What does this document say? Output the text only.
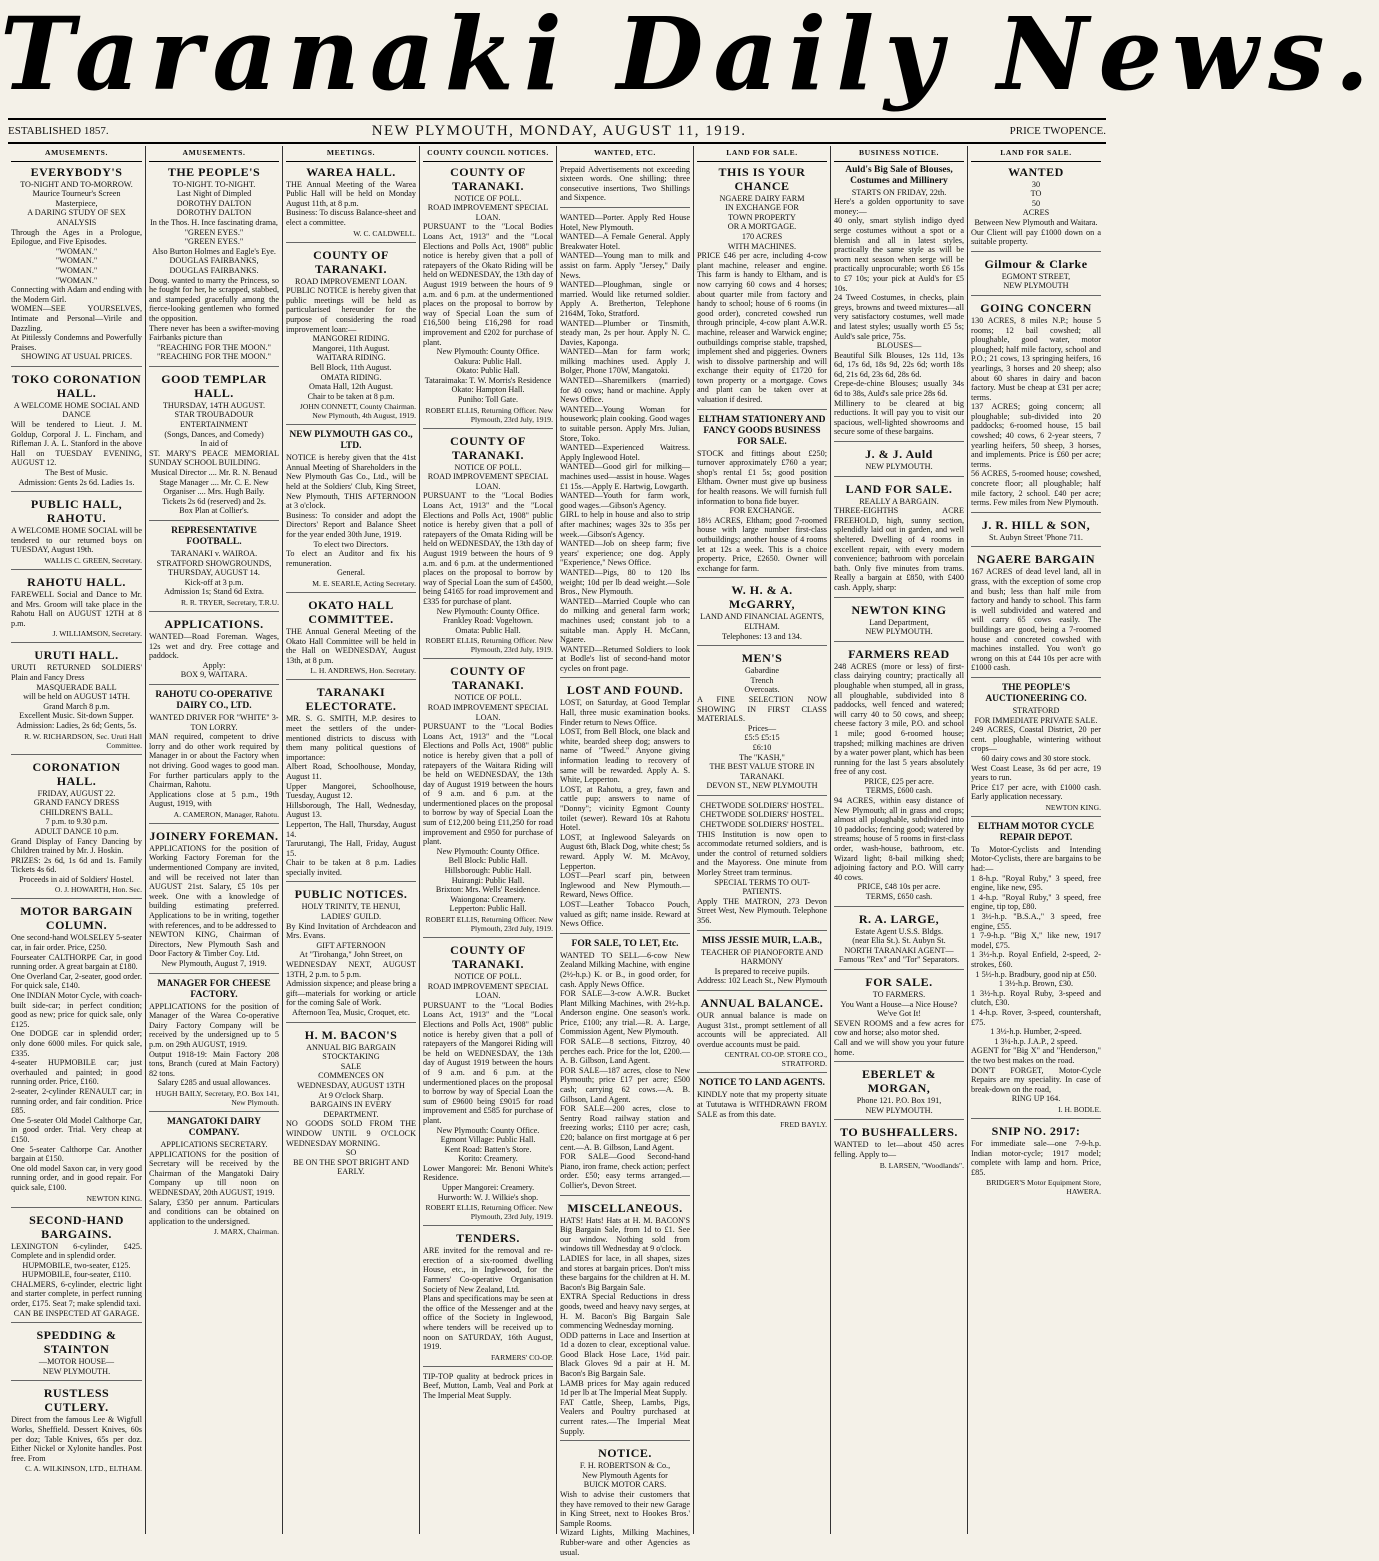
Taranaki Daily News.
ESTABLISHED 1857.	NEW PLYMOUTH, MONDAY, AUGUST 11, 1919.	PRICE TWOPENCE.
AMUSEMENTS.
EVERYBODY'S

TO-NIGHT AND TO-MORROW.

Maurice Tourneur's Screen Masterpiece,

A DARING STUDY OF SEX ANALYSIS

Through the Ages in a Prologue, Epilogue, and Five Episodes.

"WOMAN."

"WOMAN."

"WOMAN."

"WOMAN."

Connecting with Adam and ending with the Modern Girl.

WOMEN—SEE YOURSELVES, Intimate and Personal—Virile and Dazzling.

At Pitilessly Condemns and Powerfully Praises.

SHOWING AT USUAL PRICES.

TOKO CORONATION HALL.

A WELCOME HOME SOCIAL AND DANCE

Will be tendered to Lieut. J. M. Goldup, Corporal J. L. Fincham, and Rifleman J. A. L. Stanford in the above Hall on TUESDAY EVENING, AUGUST 12.

The Best of Music.

Admission: Gents 2s 6d. Ladies 1s.

PUBLIC HALL, RAHOTU.

A WELCOME HOME SOCIAL will be tendered to our returned boys on TUESDAY, August 19th.

WALLIS C. GREEN, Secretary.
RAHOTU HALL.

FAREWELL Social and Dance to Mr. and Mrs. Groom will take place in the Rahotu Hall on AUGUST 12TH at 8 p.m.

J. WILLIAMSON, Secretary.
URUTI HALL.

URUTI RETURNED SOLDIERS' Plain and Fancy Dress

MASQUERADE BALL

will be held on AUGUST 14TH.

Grand March 8 p.m.

Excellent Music. Sit-down Supper.

Admission: Ladies, 2s 6d; Gents, 5s.

R. W. RICHARDSON, Sec. Uruti Hall Committee.
CORONATION HALL.

FRIDAY, AUGUST 22.

GRAND FANCY DRESS CHILDREN'S BALL.

7 p.m. to 9.30 p.m.

ADULT DANCE 10 p.m.

Grand Display of Fancy Dancing by Children trained by Mr. J. Hoskin.

PRIZES: 2s 6d, 1s 6d and 1s. Family Tickets 4s 6d.

Proceeds in aid of Soldiers' Hostel.

O. J. HOWARTH, Hon. Sec.
MOTOR BARGAIN COLUMN.

One second-hand WOLSELEY 5-seater car, in fair order. Price, £250.

Fourseater CALTHORPE Car, in good running order. A great bargain at £180.

One Overland Car, 2-seater, good order. For quick sale, £140.

One INDIAN Motor Cycle, with coach-built side-car; in perfect condition; good as new; price for quick sale, only £125.

One DODGE car in splendid order; only done 6000 miles. For quick sale, £335.

4-seater HUPMOBILE car; just overhauled and painted; in good running order. Price, £160.

2-seater, 2-cylinder RENAULT car; in running order, and fair condition. Price £85.

One 5-seater Old Model Calthorpe Car, in good order. Trial. Very cheap at £150.

One 5-seater Calthorpe Car. Another bargain at £150.

One old model Saxon car, in very good running order, and in good repair. For quick sale, £100.

NEWTON KING.
SECOND-HAND BARGAINS.

LEXINGTON 6-cylinder, £425. Complete and in splendid order.

HUPMOBILE, two-seater, £125.

HUPMOBILE, four-seater, £110.

CHALMERS, 6-cylinder, electric light and starter complete, in perfect running order, £175. Seat 7; make splendid taxi.

CAN BE INSPECTED AT GARAGE.

SPEDDING & STAINTON

—MOTOR HOUSE—

NEW PLYMOUTH.

RUSTLESS CUTLERY.

Direct from the famous Lee & Wigfull Works, Sheffield. Dessert Knives, 60s per doz; Table Knives, 65s per doz. Either Nickel or Xylonite handles. Post free. From

C. A. WILKINSON, LTD., ELTHAM.
AMUSEMENTS.
THE PEOPLE'S

TO-NIGHT. TO-NIGHT.

Last Night of Dimpled

DOROTHY DALTON

DOROTHY DALTON

In the Thos. H. Ince fascinating drama,

"GREEN EYES."

"GREEN EYES."

Also Burton Holmes and Eagle's Eye.

DOUGLAS FAIRBANKS,

DOUGLAS FAIRBANKS.

Doug. wanted to marry the Princess, so he fought for her, he scrapped, stabbed, and stampeded gracefully among the fierce-looking gentlemen who formed the opposition.

There never has been a swifter-moving Fairbanks picture than

"REACHING FOR THE MOON."

"REACHING FOR THE MOON."

GOOD TEMPLAR HALL.

THURSDAY, 14TH AUGUST.

STAR TROUBADOUR ENTERTAINMENT

(Songs, Dances, and Comedy)

In aid of

ST. MARY'S PEACE MEMORIAL SUNDAY SCHOOL BUILDING.

Musical Director .... Mr. R. N. Benaud

Stage Manager .... Mr. C. E. New

Organiser .... Mrs. Hugh Baily.

Tickets 2s 6d (reserved) and 2s.

Box Plan at Collier's.

REPRESENTATIVE FOOTBALL.

TARANAKI v. WAIROA.

STRATFORD SHOWGROUNDS,

THURSDAY, AUGUST 14.

Kick-off at 3 p.m.

Admission 1s; Stand 6d Extra.

R. R. TRYER, Secretary, T.R.U.
APPLICATIONS.

WANTED—Road Foreman. Wages, 12s wet and dry. Free cottage and paddock.

Apply:

BOX 9, WAITARA.

RAHOTU CO-OPERATIVE DAIRY CO., LTD.

WANTED DRIVER FOR "WHITE" 3-TON LORRY.

MAN required, competent to drive lorry and do other work required by Manager in or about the Factory when not driving. Good wages to good man. For further particulars apply to the Chairman, Rahotu.

Applications close at 5 p.m., 19th August, 1919, with

A. CAMERON, Manager, Rahotu.
JOINERY FOREMAN.

APPLICATIONS for the position of Working Factory Foreman for the undermentioned Company are invited, and will be received not later than AUGUST 21st. Salary, £5 10s per week. One with a knowledge of building estimating preferred. Applications to be in writing, together with references, and to be addressed to

NEWTON KING, Chairman of Directors, New Plymouth Sash and Door Factory & Timber Coy. Ltd.

New Plymouth, August 7, 1919.

MANAGER FOR CHEESE FACTORY.

APPLICATIONS for the position of Manager of the Warea Co-operative Dairy Factory Company will be received by the undersigned up to 5 p.m. on 29th AUGUST, 1919.

Output 1918-19: Main Factory 208 tons, Branch (cured at Main Factory) 82 tons.

Salary £285 and usual allowances.

HUGH BAILY, Secretary, P.O. Box 141, New Plymouth.
MANGATOKI DAIRY COMPANY.

APPLICATIONS SECRETARY.

APPLICATIONS for the position of Secretary will be received by the Chairman of the Mangatoki Dairy Company up till noon on WEDNESDAY, 20th AUGUST, 1919.

Salary, £350 per annum. Particulars and conditions can be obtained on application to the undersigned.

J. MARX, Chairman.
MEETINGS.
WAREA HALL.

THE Annual Meeting of the Warea Public Hall will be held on Monday August 11th, at 8 p.m.

Business: To discuss Balance-sheet and elect a committee.

W. C. CALDWELL.
COUNTY OF TARANAKI.

ROAD IMPROVEMENT LOAN.

PUBLIC NOTICE is hereby given that public meetings will be held as particularised hereunder for the purpose of considering the road improvement loan:—

MANGOREI RIDING.

Mangorei, 11th August.

WAITARA RIDING.

Bell Block, 11th August.

OMATA RIDING.

Omata Hall, 12th August.

Chair to be taken at 8 p.m.

JOHN CONNETT, County Chairman. New Plymouth, 4th August, 1919.
NEW PLYMOUTH GAS CO., LTD.

NOTICE is hereby given that the 41st Annual Meeting of Shareholders in the New Plymouth Gas Co., Ltd., will be held at the Soldiers' Club, King Street, New Plymouth, THIS AFTERNOON at 3 o'clock.

Business: To consider and adopt the Directors' Report and Balance Sheet for the year ended 30th June, 1919.

To elect two Directors.

To elect an Auditor and fix his remuneration.

General.

M. E. SEARLE, Acting Secretary.
OKATO HALL COMMITTEE.

THE Annual General Meeting of the Okato Hall Committee will be held in the Hall on WEDNESDAY, August 13th, at 8 p.m.

L. H. ANDREWS, Hon. Secretary.
TARANAKI ELECTORATE.

MR. S. G. SMITH, M.P. desires to meet the settlers of the under-mentioned districts to discuss with them many political questions of importance:

Albert Road, Schoolhouse, Monday, August 11.

Upper Mangorei, Schoolhouse, Tuesday, August 12.

Hillsborough, The Hall, Wednesday, August 13.

Lepperton, The Hall, Thursday, August 14.

Tarurutangi, The Hall, Friday, August 15.

Chair to be taken at 8 p.m. Ladies specially invited.

PUBLIC NOTICES.

HOLY TRINITY, TE HENUI, LADIES' GUILD.

By Kind Invitation of Archdeacon and Mrs. Evans.

GIFT AFTERNOON

At "Tirohanga," John Street, on

WEDNESDAY NEXT, AUGUST 13TH, 2 p.m. to 5 p.m.

Admission sixpence; and please bring a gift—materials for working or article for the coming Sale of Work.

Afternoon Tea, Music, Croquet, etc.

H. M. BACON'S

ANNUAL BIG BARGAIN

STOCKTAKING

SALE

COMMENCES ON

WEDNESDAY, AUGUST 13TH

At 9 O'clock Sharp.

BARGAINS IN EVERY DEPARTMENT.

NO GOODS SOLD FROM THE WINDOW UNTIL 9 O'CLOCK WEDNESDAY MORNING.

SO

BE ON THE SPOT BRIGHT AND EARLY.

COUNTY COUNCIL NOTICES.
COUNTY OF TARANAKI.

NOTICE OF POLL.

ROAD IMPROVEMENT SPECIAL LOAN.

PURSUANT to the "Local Bodies Loans Act, 1913" and the "Local Elections and Polls Act, 1908" public notice is hereby given that a poll of ratepayers of the Okato Riding will be held on WEDNESDAY, the 13th day of August 1919 between the hours of 9 a.m. and 6 p.m. at the undermentioned places on the proposal to borrow by way of Special Loan the sum of £16,500 being £16,298 for road improvement and £202 for purchase of plant.

New Plymouth: County Office.

Oakura: Public Hall.

Okato: Public Hall.

Tataraimaka: T. W. Morris's Residence

Okato: Hampton Hall.

Puniho: Toll Gate.

ROBERT ELLIS, Returning Officer. New Plymouth, 23rd July, 1919.
COUNTY OF TARANAKI.

NOTICE OF POLL.

ROAD IMPROVEMENT SPECIAL LOAN.

PURSUANT to the "Local Bodies Loans Act, 1913" and the "Local Elections and Polls Act, 1908" public notice is hereby given that a poll of ratepayers of the Omata Riding will be held on WEDNESDAY, the 13th day of August 1919 between the hours of 9 a.m. and 6 p.m. at the undermentioned places on the proposal to borrow by way of Special Loan the sum of £4500, being £4165 for road improvement and £335 for purchase of plant.

New Plymouth: County Office.

Frankley Road: Vogeltown.

Omata: Public Hall.

ROBERT ELLIS, Returning Officer. New Plymouth, 23rd July, 1919.
COUNTY OF TARANAKI.

NOTICE OF POLL.

ROAD IMPROVEMENT SPECIAL LOAN.

PURSUANT to the "Local Bodies Loans Act, 1913" and the "Local Elections and Polls Act, 1908" public notice is hereby given that a poll of ratepayers of the Waitara Riding will be held on WEDNESDAY, the 13th day of August 1919 between the hours of 9 a.m. and 6 p.m. at the undermentioned places on the proposal to borrow by way of Special Loan the sum of £12,200 being £11,250 for road improvement and £950 for purchase of plant.

New Plymouth: County Office.

Bell Block: Public Hall.

Hillsborough: Public Hall.

Huirangi: Public Hall.

Brixton: Mrs. Wells' Residence.

Waiongona: Creamery.

Lepperton: Public Hall.

ROBERT ELLIS, Returning Officer. New Plymouth, 23rd July, 1919.
COUNTY OF TARANAKI.

NOTICE OF POLL.

ROAD IMPROVEMENT SPECIAL LOAN.

PURSUANT to the "Local Bodies Loans Act, 1913" and the "Local Elections and Polls Act, 1908" public notice is hereby given that a poll of ratepayers of the Mangorei Riding will be held on WEDNESDAY, the 13th day of August 1919 between the hours of 9 a.m. and 6 p.m. at the undermentioned places on the proposal to borrow by way of Special Loan the sum of £9600 being £9015 for road improvement and £585 for purchase of plant.

New Plymouth: County Office.

Egmont Village: Public Hall.

Kent Road: Batten's Store.

Korito: Creamery.

Lower Mangorei: Mr. Benoni White's Residence.

Upper Mangorei: Creamery.

Hurworth: W. J. Wilkie's shop.

ROBERT ELLIS, Returning Officer. New Plymouth, 23rd July, 1919.
TENDERS.

ARE invited for the removal and re-erection of a six-roomed dwelling House, etc., in Inglewood, for the Farmers' Co-operative Organisation Society of New Zealand, Ltd.

Plans and specifications may be seen at the office of the Messenger and at the office of the Society in Inglewood, where tenders will be received up to noon on SATURDAY, 16th August, 1919.

FARMERS' CO-OP.

TIP-TOP quality at bedrock prices in Beef, Mutton, Lamb, Veal and Pork at The Imperial Meat Supply.

WANTED, ETC.

Prepaid Advertisements not exceeding sixteen words. One shilling; three consecutive insertions, Two Shillings and Sixpence.

WANTED—Porter. Apply Red House Hotel, New Plymouth.

WANTED—A Female General. Apply Breakwater Hotel.

WANTED—Young man to milk and assist on farm. Apply "Jersey," Daily News.

WANTED—Ploughman, single or married. Would like returned soldier. Apply A. Bretherton, Telephone 2164M, Toko, Stratford.

WANTED—Plumber or Tinsmith, steady man, 2s per hour. Apply N. C. Davies, Kaponga.

WANTED—Man for farm work; milking machines used. Apply J. Bolger, Phone 170W, Mangatoki.

WANTED—Sharemilkers (married) for 40 cows; hand or machine. Apply News Office.

WANTED—Young Woman for housework; plain cooking. Good wages to suitable person. Apply Mrs. Julian, Store, Toko.

WANTED—Experienced Waitress. Apply Inglewood Hotel.

WANTED—Good girl for milking—machines used—assist in house. Wages £1 15s.—Apply E. Hartwig, Lowgarth.

WANTED—Youth for farm work, good wages.—Gibson's Agency.

GIRL to help in house and also to strip after machines; wages 32s to 35s per week.—Gibson's Agency.

WANTED—Job on sheep farm; five years' experience; one dog. Apply "Experience," News Office.

WANTED—Pigs, 80 to 120 lbs weight; 10d per lb dead weight.—Sole Bros., New Plymouth.

WANTED—Married Couple who can do milking and general farm work; machines used; constant job to a suitable man. Apply H. McCann, Ngaere.

WANTED—Returned Soldiers to look at Bodle's list of second-hand motor cycles on front page.

LOST AND FOUND.

LOST, on Saturday, at Good Templar Hall, three music examination books. Finder return to News Office.

LOST, from Bell Block, one black and white, bearded sheep dog; answers to name of "Tweed." Anyone giving information leading to recovery of same will be rewarded. Apply A. S. White, Lepperton.

LOST, at Rahotu, a grey, fawn and cattle pup; answers to name of "Donny"; vicinity Egmont County toilet (sewer). Reward 10s at Rahotu Hotel.

LOST, at Inglewood Saleyards on August 6th, Black Dog, white chest; 5s reward. Apply W. M. McAvoy, Lepperton.

LOST—Pearl scarf pin, between Inglewood and New Plymouth.—Reward, News Office.

LOST—Leather Tobacco Pouch, valued as gift; name inside. Reward at News Office.

FOR SALE, TO LET, Etc.

WANTED TO SELL—6-cow New Zealand Milking Machine, with engine (2½-h.p.) K. or B., in good order, for cash. Apply News Office.

FOR SALE—3-cow A.W.R. Bucket Plant Milking Machines, with 2½-h.p. Anderson engine. One season's work. Price, £100; any trial.—R. A. Large, Commission Agent, New Plymouth.

FOR SALE—8 sections, Fitzroy, 40 perches each. Price for the lot, £200.—A. B. Gilbson, Land Agent.

FOR SALE—187 acres, close to New Plymouth; price £17 per acre; £500 cash; carrying 62 cows.—A. B. Gilbson, Land Agent.

FOR SALE—200 acres, close to Sentry Road railway station and freezing works; £110 per acre; cash, £20; balance on first mortgage at 6 per cent.—A. B. Gilbson, Land Agent.

FOR SALE—Good Second-hand Piano, iron frame, check action; perfect order. £50; easy terms arranged.—Collier's, Devon Street.

MISCELLANEOUS.

HATS! Hats! Hats at H. M. BACON'S Big Bargain Sale, from 1d to £1. See our window. Nothing sold from windows till Wednesday at 9 o'clock.

LADIES for lace, in all shapes, sizes and stores at bargain prices. Don't miss these bargains for the children at H. M. Bacon's Big Bargain Sale.

EXTRA Special Reductions in dress goods, tweed and heavy navy serges, at H. M. Bacon's Big Bargain Sale commencing Wednesday morning.

ODD patterns in Lace and Insertion at 1d a dozen to clear, exceptional value. Good Black Hose Lace, 1½d pair. Black Gloves 9d a pair at H. M. Bacon's Big Bargain Sale.

LAMB prices for May again reduced 1d per lb at The Imperial Meat Supply.

FAT Cattle, Sheep, Lambs, Pigs, Vealers and Poultry purchased at current rates.—The Imperial Meat Supply.

NOTICE.

F. H. ROBERTSON & Co.,

New Plymouth Agents for

BUICK MOTOR CARS.

Wish to advise their customers that they have removed to their new Garage in King Street, next to Hookes Bros.' Sample Rooms.

Wizard Lights, Milking Machines, Rubber-ware and other Agencies as usual.

LAND FOR SALE.
THIS IS YOUR CHANCE

NGAERE DAIRY FARM

IN EXCHANGE FOR

TOWN PROPERTY

OR A MORTGAGE.

170 ACRES

WITH MACHINES.

PRICE £46 per acre, including 4-cow plant machine, releaser and engine. This farm is handy to Eltham, and is now carrying 60 cows and 4 horses; about quarter mile from factory and handy to school; house of 6 rooms (in good order), concreted cowshed run through principle, 4-cow plant A.W.R. machine, releaser and Warwick engine; outbuildings comprise stable, trapshed, implement shed and piggeries. Owners wish to dissolve partnership and will exchange their equity of £1720 for town property or a mortgage. Cows and plant can be taken over at valuation if desired.

ELTHAM STATIONERY AND FANCY GOODS BUSINESS FOR SALE.

STOCK and fittings about £250; turnover approximately £760 a year; shop's rental £1 5s; good position Eltham. Owner must give up business for health reasons. We will furnish full information to bona fide buyer.

FOR EXCHANGE.

18½ ACRES, Eltham; good 7-roomed house with large number first-class outbuildings; another house of 4 rooms let at 12s a week. This is a choice property. Price, £2650. Owner will exchange for farm.

W. H. & A. McGARRY,

LAND AND FINANCIAL AGENTS,

ELTHAM.

Telephones: 13 and 134.

MEN'S

Gabardine

Trench

Overcoats.

A FINE SELECTION NOW SHOWING IN FIRST CLASS MATERIALS.

Prices—

£5:5 £5:15

£6:10

The "KASH,"

THE BEST VALUE STORE IN TARANAKI.

DEVON ST., NEW PLYMOUTH

CHETWODE SOLDIERS' HOSTEL.

CHETWODE SOLDIERS' HOSTEL.

CHETWODE SOLDIERS' HOSTEL.

THIS Institution is now open to accommodate returned soldiers, and is under the control of returned soldiers and the Mayoress. One minute from Morley Street tram terminus.

SPECIAL TERMS TO OUT-PATIENTS.

Apply THE MATRON, 273 Devon Street West, New Plymouth. Telephone 356.

MISS JESSIE MUIR, L.A.B.,

TEACHER OF PIANOFORTE AND HARMONY

Is prepared to receive pupils.

Address: 102 Leach St., New Plymouth

ANNUAL BALANCE.

OUR annual balance is made on August 31st., prompt settlement of all accounts will be appreciated. All overdue accounts must be paid.

CENTRAL CO-OP. STORE CO., STRATFORD.
NOTICE TO LAND AGENTS.

KINDLY note that my property situate at Tututawa is WITHDRAWN FROM SALE as from this date.

FRED BAYLY.
BUSINESS NOTICE.
Auld's Big Sale of Blouses, Costumes and Millinery

STARTS ON FRIDAY, 22th.

Here's a golden opportunity to save money:—

40 only, smart stylish indigo dyed serge costumes without a spot or a blemish and all in latest styles, practically the same style as will be worn next season when serge will be practically unprocurable; worth £6 15s to £7 10s; your pick at Auld's for £5 10s.

24 Tweed Costumes, in checks, plain greys, browns and tweed mixtures—all very satisfactory costumes, well made and latest styles; usually worth £5 5s; Auld's sale price, 75s.

BLOUSES—

Beautiful Silk Blouses, 12s 11d, 13s 6d, 17s 6d, 18s 9d, 22s 6d; worth 18s 6d, 21s 6d, 23s 6d, 28s 6d.

Crepe-de-chine Blouses; usually 34s 6d to 38s, Auld's sale price 28s 6d.

Millinery to be cleared at big reductions. It will pay you to visit our spacious, well-lighted showrooms and secure some of these bargains.

J. & J. Auld

NEW PLYMOUTH.

LAND FOR SALE.

REALLY A BARGAIN.

THREE-EIGHTHS ACRE FREEHOLD, high, sunny section, splendidly laid out in garden, and well sheltered. Dwelling of 4 rooms in excellent repair, with every modern convenience; bathroom with porcelain bath. Only five minutes from trams. Really a bargain at £850, with £400 cash. Apply, sharp:

NEWTON KING

Land Department,

NEW PLYMOUTH.

FARMERS READ

248 ACRES (more or less) of first-class dairying country; practically all ploughable when stumped, all in grass, all ploughable, subdivided into 8 paddocks, well fenced and watered; will carry 40 to 50 cows, and sheep; cheese factory 3 mile, P.O. and school 1 mile; good 6-roomed house; trapshed; milking machines are driven by a water power plant, which has been running for the last 5 years absolutely free of any cost.

PRICE, £25 per acre.

TERMS, £600 cash.

94 ACRES, within easy distance of New Plymouth; all in grass and crops; almost all ploughable, subdivided into 10 paddocks; fencing good; watered by streams; house of 5 rooms in first-class order, wash-house, bathroom, etc. Wizard light; 8-bail milking shed; adjoining factory and P.O. Will carry 40 cows.

PRICE, £48 10s per acre.

TERMS, £650 cash.

R. A. LARGE,

Estate Agent U.S.S. Bldgs.

(near Elia St.). St. Aubyn St.

NORTH TARANAKI AGENT—

Famous "Rex" and "Tor" Separators.

FOR SALE.

TO FARMERS.

You Want a House—a Nice House?

We've Got It!

SEVEN ROOMS and a few acres for cow and horse; also motor shed.

Call and we will show you your future home.

EBERLET & MORGAN,

Phone 121. P.O. Box 191,

NEW PLYMOUTH.

TO BUSHFALLERS.

WANTED to let—about 450 acres felling. Apply to—

B. LARSEN, "Woodlands".
LAND FOR SALE.
WANTED

30

TO

50

ACRES

Between New Plymouth and Waitara.

Our Client will pay £1000 down on a suitable property.

Gilmour & Clarke

EGMONT STREET,

NEW PLYMOUTH

GOING CONCERN

130 ACRES, 8 miles N.P.; house 5 rooms; 12 bail cowshed; all ploughable, good water, motor ploughed; half mile factory, school and P.O.; 21 cows, 13 springing heifers, 16 yearlings, 3 horses and 20 sheep; also about 60 shares in dairy and bacon factory. Must be cheap at £31 per acre; terms.

137 ACRES; going concern; all ploughable; sub-divided into 20 paddocks; 6-roomed house, 15 bail cowshed; 40 cows, 6 2-year steers, 7 yearling heifers, 50 sheep, 3 horses, and implements. Price is £60 per acre; terms.

56 ACRES, 5-roomed house; cowshed, concrete floor; all ploughable; half mile factory, 2 school. £40 per acre; terms. Few miles from New Plymouth.

J. R. HILL & SON,

St. Aubyn Street 'Phone 711.

NGAERE BARGAIN

167 ACRES of dead level land, all in grass, with the exception of some crop and bush; less than half mile from factory and handy to school. This farm is well subdivided and watered and will carry 65 cows easily. The buildings are good, being a 7-roomed house and concreted cowshed with machines installed. You won't go wrong on this at £44 10s per acre with £1000 cash.

THE PEOPLE'S AUCTIONEERING CO.

STRATFORD

FOR IMMEDIATE PRIVATE SALE.

249 ACRES, Coastal District, 20 per cent. ploughable, wintering without crops—

60 dairy cows and 30 store stock.

West Coast Lease, 3s 6d per acre, 19 years to run.

Price £17 per acre, with £1000 cash. Early application necessary.

NEWTON KING.
ELTHAM MOTOR CYCLE REPAIR DEPOT.

To Motor-Cyclists and Intending Motor-Cyclists, there are bargains to be had:—

1 8-h.p. "Royal Ruby," 3 speed, free engine, like new, £95.

1 4-h.p. "Royal Ruby," 3 speed, free engine, tip top, £80.

1 3½-h.p. "B.S.A.," 3 speed, free engine, £55.

1 7-9-h.p. "Big X," like new, 1917 model, £75.

1 3½-h.p. Royal Enfield, 2-speed, 2-strokes, £60.

1 5½-h.p. Bradbury, good nip at £50.

1 3½-h.p. Brown, £30.

1 3½-h.p. Royal Ruby, 3-speed and clutch, £30.

1 4-h.p. Rover, 3-speed, countershaft, £75.

1 3½-h.p. Humber, 2-speed.

1 3¼-h.p. J.A.P., 2 speed.

AGENT for "Big X" and "Henderson," the two best makes on the road.

DON'T FORGET, Motor-Cycle Repairs are my speciality. In case of break-down on the road,

RING UP 164.

I. H. BODLE.
SNIP NO. 2917:

For immediate sale—one 7-9-h.p. Indian motor-cycle; 1917 model; complete with lamp and horn. Price, £85.

BRIDGER'S Motor Equipment Store, HAWERA.
